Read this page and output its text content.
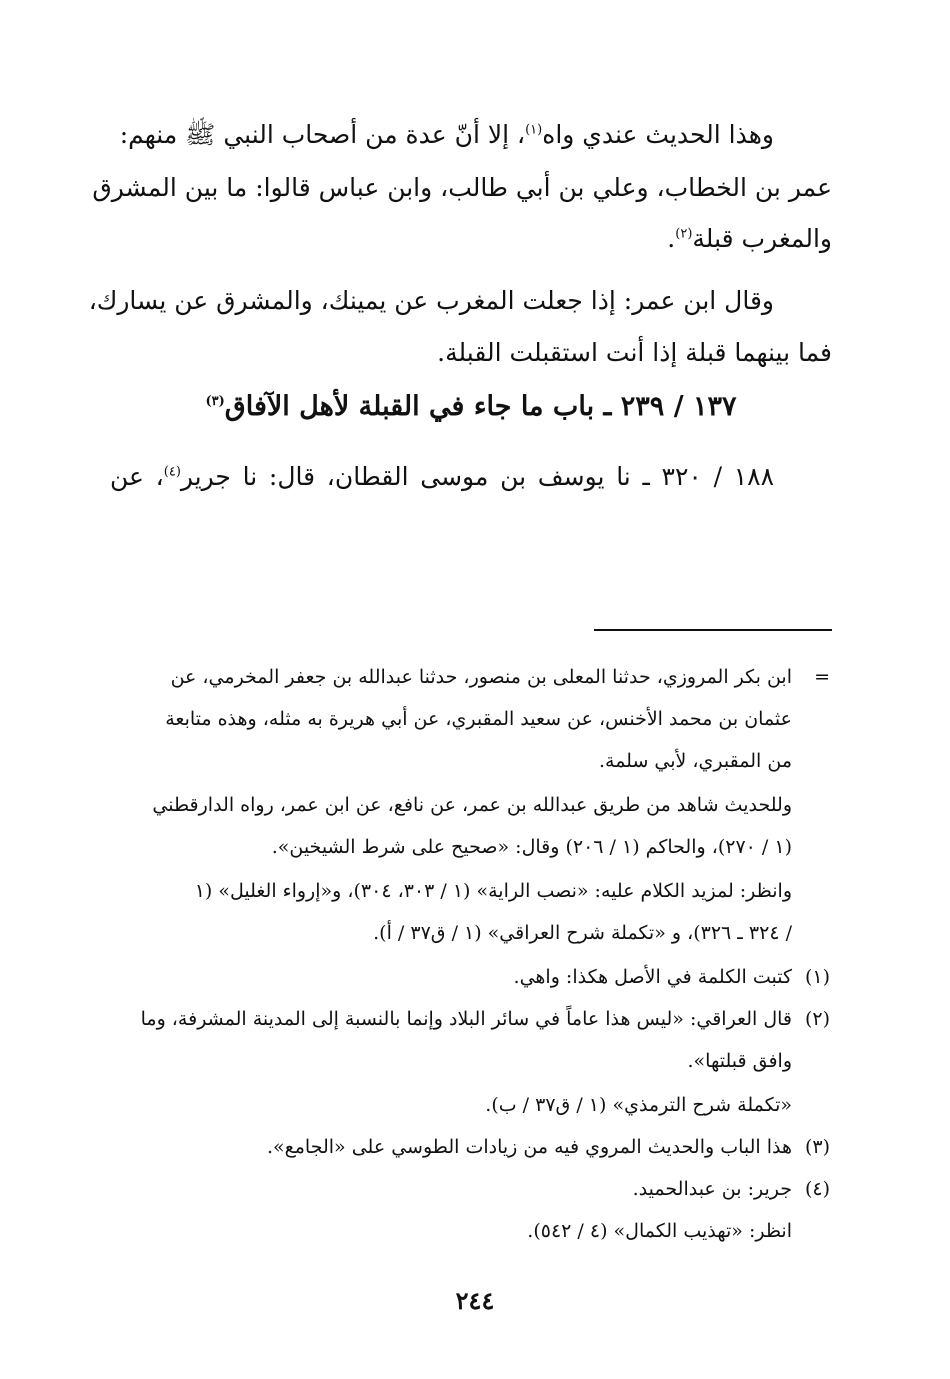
وهذا الحديث عندي واه$^{(١)}$، إلا أنّ عدة من أصحاب النبي ﷺ منهم:
عمر بن الخطاب، وعلي بن أبي طالب، وابن عباس قالوا: ما بين المشرق
والمغرب قبلة$^{(٢)}$.
وقال ابن عمر: إذا جعلت المغرب عن يمينك، والمشرق عن يسارك،
فما بينهما قبلة إذا أنت استقبلت القبلة.
١٣٧ / ٢٣٩ ـ باب ما جاء في القبلة لأهل الآفاق$^{(٣)}$
١٨٨ / ٣٢٠ ـ نا يوسف بن موسى القطان، قال: نا جرير$^{(٤)}$، عن
=
ابن بكر المروزي، حدثنا المعلى بن منصور، حدثنا عبدالله بن جعفر المخرمي، عن
عثمان بن محمد الأخنس، عن سعيد المقبري، عن أبي هريرة به مثله، وهذه متابعة
من المقبري، لأبي سلمة.
وللحديث شاهد من طريق عبدالله بن عمر، عن نافع، عن ابن عمر، رواه الدارقطني
(١ / ٢٧٠)، والحاكم (١ / ٢٠٦) وقال: «صحيح على شرط الشيخين».
وانظر: لمزيد الكلام عليه: «نصب الراية» (١ / ٣٠٣، ٣٠٤)، و«إرواء الغليل» (١
/ ٣٢٤ ـ ٣٢٦)، و «تكملة شرح العراقي» (١ / ق٣٧ / أ).
(١)
كتبت الكلمة في الأصل هكذا: واهي.
(٢)
قال العراقي: «ليس هذا عاماً في سائر البلاد وإنما بالنسبة إلى المدينة المشرفة، وما
وافق قبلتها».
«تكملة شرح الترمذي» (١ / ق٣٧ / ب).
(٣)
هذا الباب والحديث المروي فيه من زيادات الطوسي على «الجامع».
(٤)
جرير: بن عبدالحميد.
انظر: «تهذيب الكمال» (٤ / ٥٤٢).
٢٤٤
